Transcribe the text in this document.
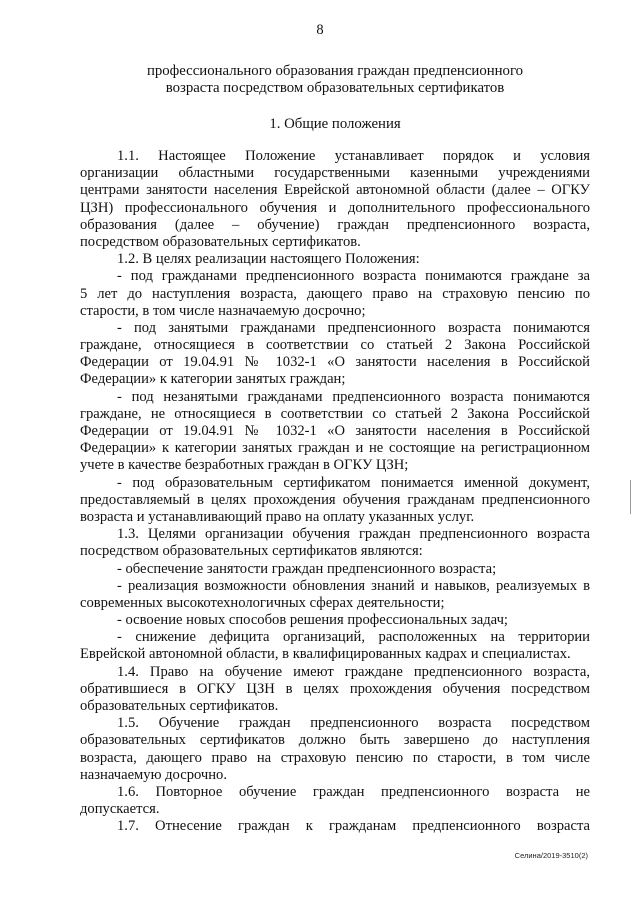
8
профессионального образования граждан предпенсионного
возраста посредством образовательных сертификатов
1. Общие положения
1.1. Настоящее Положение устанавливает порядок и условия
организации областными государственными казенными учреждениями
центрами занятости населения Еврейской автономной области (далее – ОГКУ
ЦЗН) профессионального обучения и дополнительного профессионального
образования (далее – обучение) граждан предпенсионного возраста,
посредством образовательных сертификатов.
1.2. В целях реализации настоящего Положения:
- под гражданами предпенсионного возраста понимаются граждане за
5 лет до наступления возраста, дающего право на страховую пенсию по
старости, в том числе назначаемую досрочно;
- под занятыми гражданами предпенсионного возраста понимаются
граждане, относящиеся в соответствии со статьей 2 Закона Российской
Федерации от 19.04.91 № 1032-1 «О занятости населения в Российской
Федерации» к категории занятых граждан;
- под незанятыми гражданами предпенсионного возраста понимаются
граждане, не относящиеся в соответствии со статьей 2 Закона Российской
Федерации от 19.04.91 № 1032-1 «О занятости населения в Российской
Федерации» к категории занятых граждан и не состоящие на регистрационном
учете в качестве безработных граждан в ОГКУ ЦЗН;
- под образовательным сертификатом понимается именной документ,
предоставляемый в целях прохождения обучения гражданам предпенсионного
возраста и устанавливающий право на оплату указанных услуг.
1.3. Целями организации обучения граждан предпенсионного возраста
посредством образовательных сертификатов являются:
- обеспечение занятости граждан предпенсионного возраста;
- реализация возможности обновления знаний и навыков, реализуемых в
современных высокотехнологичных сферах деятельности;
- освоение новых способов решения профессиональных задач;
- снижение дефицита организаций, расположенных на территории
Еврейской автономной области, в квалифицированных кадрах и специалистах.
1.4. Право на обучение имеют граждане предпенсионного возраста,
обратившиеся в ОГКУ ЦЗН в целях прохождения обучения посредством
образовательных сертификатов.
1.5. Обучение граждан предпенсионного возраста посредством
образовательных сертификатов должно быть завершено до наступления
возраста, дающего право на страховую пенсию по старости, в том числе
назначаемую досрочно.
1.6. Повторное обучение граждан предпенсионного возраста не
допускается.
1.7. Отнесение граждан к гражданам предпенсионного возраста
Селина/2019-3510(2)
